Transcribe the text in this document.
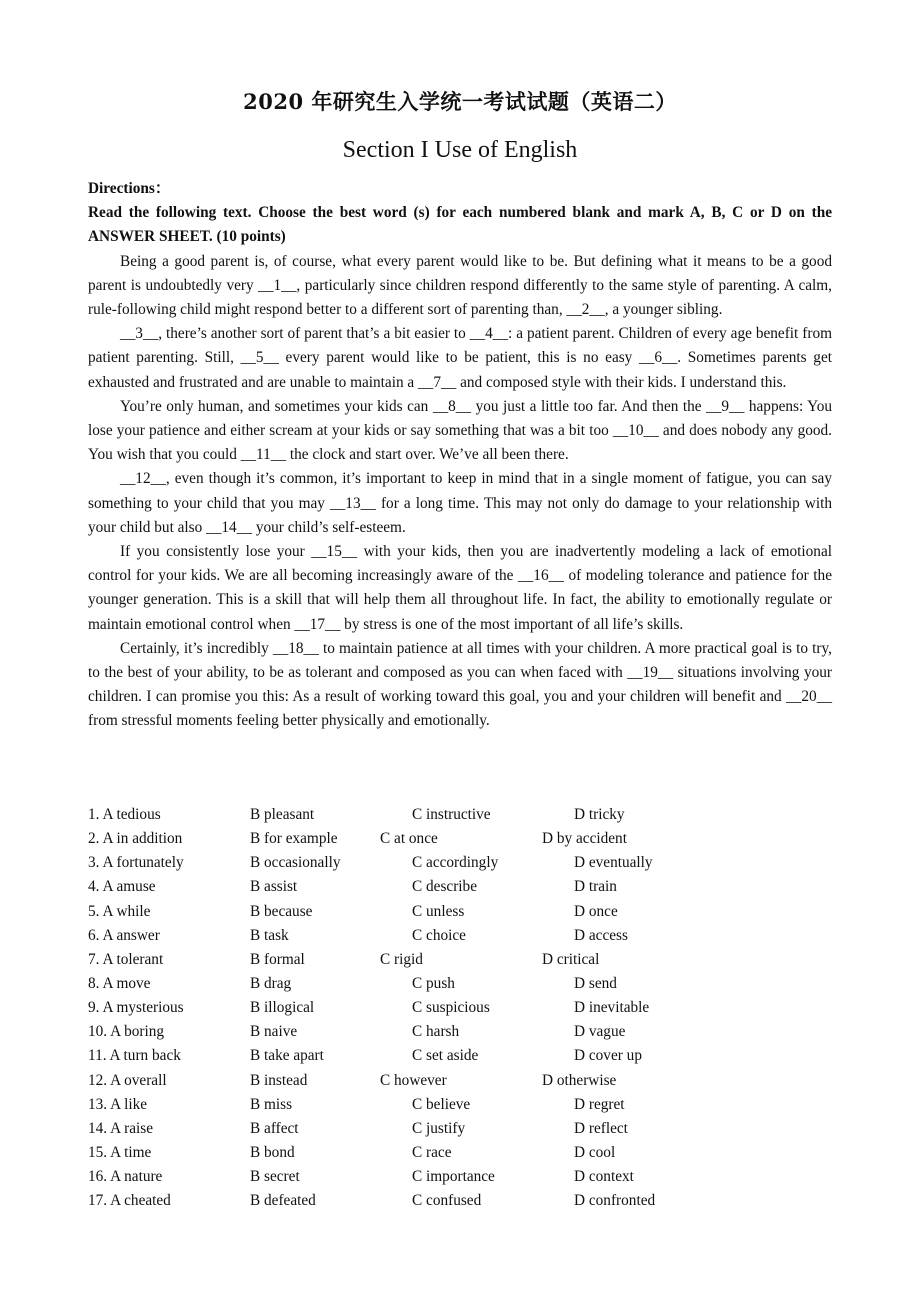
2020 年研究生入学统一考试试题（英语二）
Section I Use of English

Directions：

Read the following text. Choose the best word (s) for each numbered blank and mark A, B, C or D on the ANSWER SHEET. (10 points)

Being a good parent is, of course, what every parent would like to be. But defining what it means to be a good parent is undoubtedly very __1__, particularly since children respond differently to the same style of parenting. A calm, rule-following child might respond better to a different sort of parenting than, __2__, a younger sibling.

__3__, there’s another sort of parent that’s a bit easier to __4__: a patient parent. Children of every age benefit from patient parenting. Still, __5__ every parent would like to be patient, this is no easy __6__. Sometimes parents get exhausted and frustrated and are unable to maintain a __7__ and composed style with their kids. I understand this.

You’re only human, and sometimes your kids can __8__ you just a little too far. And then the __9__ happens: You lose your patience and either scream at your kids or say something that was a bit too __10__ and does nobody any good. You wish that you could __11__ the clock and start over. We’ve all been there.

__12__, even though it’s common, it’s important to keep in mind that in a single moment of fatigue, you can say something to your child that you may __13__ for a long time. This may not only do damage to your relationship with your child but also __14__ your child’s self-esteem.

If you consistently lose your __15__ with your kids, then you are inadvertently modeling a lack of emotional control for your kids. We are all becoming increasingly aware of the __16__ of modeling tolerance and patience for the younger generation. This is a skill that will help them all throughout life. In fact, the ability to emotionally regulate or maintain emotional control when __17__ by stress is one of the most important of all life’s skills.

Certainly, it’s incredibly __18__ to maintain patience at all times with your children. A more practical goal is to try, to the best of your ability, to be as tolerant and composed as you can when faced with __19__ situations involving your children. I can promise you this: As a result of working toward this goal, you and your children will benefit and __20__ from stressful moments feeling better physically and emotionally.

1. A tedious	B pleasant	C instructive	D tricky
2. A in addition	B for example	C at once	D by accident
3. A fortunately	B occasionally	C accordingly	D eventually
4. A amuse	B assist	C describe	D train
5. A while	B because	C unless	D once
6. A answer	B task	C choice	D access
7. A tolerant	B formal	C rigid	D critical
8. A move	B drag	C push	D send
9. A mysterious	B illogical	C suspicious	D inevitable
10. A boring	B naive	C harsh	D vague
11. A turn back	B take apart	C set aside	D cover up
12. A overall	B instead	C however	D otherwise
13. A like	B miss	C believe	D regret
14. A raise	B affect	C justify	D reflect
15. A time	B bond	C race	D cool
16. A nature	B secret	C importance	D context
17. A cheated	B defeated	C confused	D confronted
